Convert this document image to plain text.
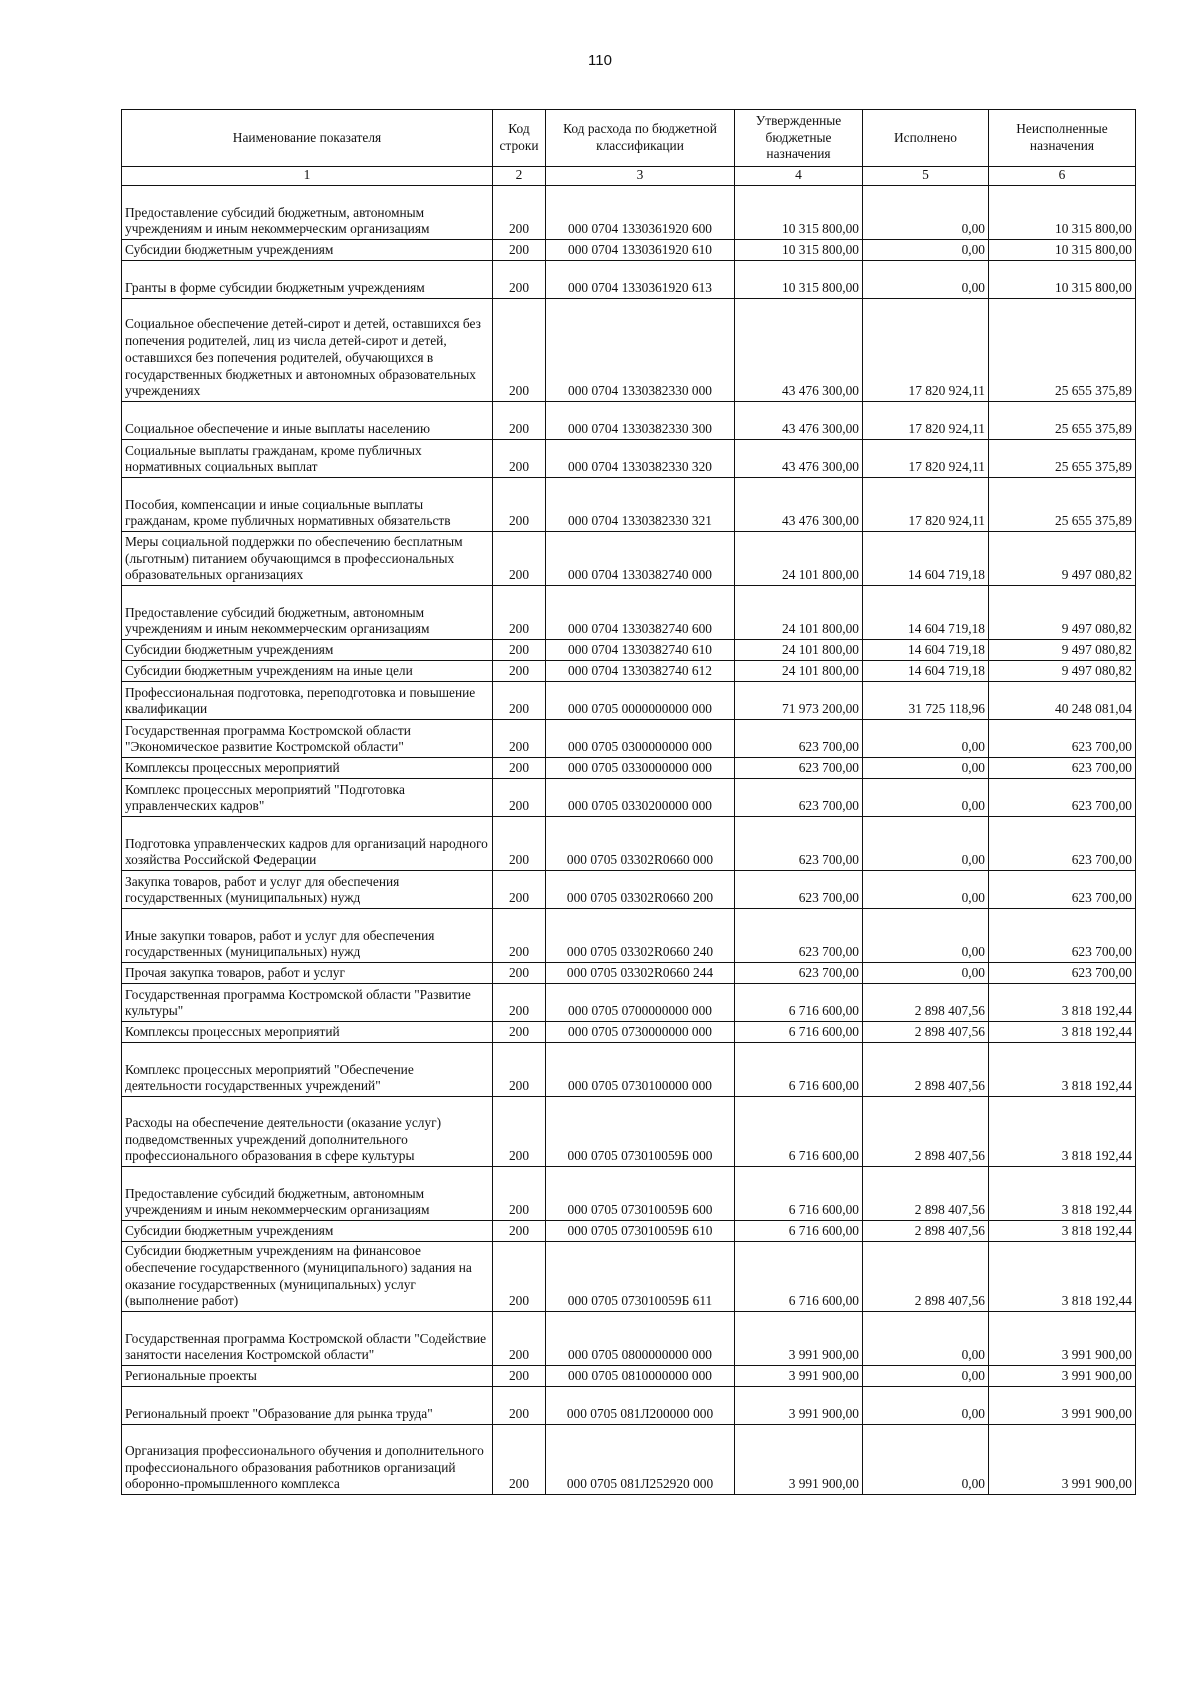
110
Наименование показателя	Код строки	Код расхода по бюджетной классификации	Утвержденные бюджетные назначения	Исполнено	Неисполненные назначения
1	2	3	4	5	6
Предоставление субсидий бюджетным, автономным учреждениям и иным некоммерческим организациям	200	000 0704 1330361920 600	10 315 800,00	0,00	10 315 800,00
Субсидии бюджетным учреждениям	200	000 0704 1330361920 610	10 315 800,00	0,00	10 315 800,00
Гранты в форме субсидии бюджетным учреждениям	200	000 0704 1330361920 613	10 315 800,00	0,00	10 315 800,00
Социальное обеспечение детей-сирот и детей, оставшихся без попечения родителей, лиц из числа детей-сирот и детей, оставшихся без попечения родителей, обучающихся в государственных бюджетных и автономных образовательных учреждениях	200	000 0704 1330382330 000	43 476 300,00	17 820 924,11	25 655 375,89
Социальное обеспечение и иные выплаты населению	200	000 0704 1330382330 300	43 476 300,00	17 820 924,11	25 655 375,89
Социальные выплаты гражданам, кроме публичных нормативных социальных выплат	200	000 0704 1330382330 320	43 476 300,00	17 820 924,11	25 655 375,89
Пособия, компенсации и иные социальные выплаты гражданам, кроме публичных нормативных обязательств	200	000 0704 1330382330 321	43 476 300,00	17 820 924,11	25 655 375,89
Меры социальной поддержки по обеспечению бесплатным (льготным) питанием обучающимся в профессиональных образовательных организациях	200	000 0704 1330382740 000	24 101 800,00	14 604 719,18	9 497 080,82
Предоставление субсидий бюджетным, автономным учреждениям и иным некоммерческим организациям	200	000 0704 1330382740 600	24 101 800,00	14 604 719,18	9 497 080,82
Субсидии бюджетным учреждениям	200	000 0704 1330382740 610	24 101 800,00	14 604 719,18	9 497 080,82
Субсидии бюджетным учреждениям на иные цели	200	000 0704 1330382740 612	24 101 800,00	14 604 719,18	9 497 080,82
Профессиональная подготовка, переподготовка и повышение квалификации	200	000 0705 0000000000 000	71 973 200,00	31 725 118,96	40 248 081,04
Государственная программа Костромской области "Экономическое развитие Костромской области"	200	000 0705 0300000000 000	623 700,00	0,00	623 700,00
Комплексы процессных мероприятий	200	000 0705 0330000000 000	623 700,00	0,00	623 700,00
Комплекс процессных мероприятий "Подготовка управленческих кадров"	200	000 0705 0330200000 000	623 700,00	0,00	623 700,00
Подготовка управленческих кадров для организаций народного хозяйства Российской Федерации	200	000 0705 03302R0660 000	623 700,00	0,00	623 700,00
Закупка товаров, работ и услуг для обеспечения государственных (муниципальных) нужд	200	000 0705 03302R0660 200	623 700,00	0,00	623 700,00
Иные закупки товаров, работ и услуг для обеспечения государственных (муниципальных) нужд	200	000 0705 03302R0660 240	623 700,00	0,00	623 700,00
Прочая закупка товаров, работ и услуг	200	000 0705 03302R0660 244	623 700,00	0,00	623 700,00
Государственная программа Костромской области "Развитие культуры"	200	000 0705 0700000000 000	6 716 600,00	2 898 407,56	3 818 192,44
Комплексы процессных мероприятий	200	000 0705 0730000000 000	6 716 600,00	2 898 407,56	3 818 192,44
Комплекс процессных мероприятий "Обеспечение деятельности государственных учреждений"	200	000 0705 0730100000 000	6 716 600,00	2 898 407,56	3 818 192,44
Расходы на обеспечение деятельности (оказание услуг) подведомственных учреждений дополнительного профессионального образования в сфере культуры	200	000 0705 073010059Б 000	6 716 600,00	2 898 407,56	3 818 192,44
Предоставление субсидий бюджетным, автономным учреждениям и иным некоммерческим организациям	200	000 0705 073010059Б 600	6 716 600,00	2 898 407,56	3 818 192,44
Субсидии бюджетным учреждениям	200	000 0705 073010059Б 610	6 716 600,00	2 898 407,56	3 818 192,44
Субсидии бюджетным учреждениям на финансовое обеспечение государственного (муниципального) задания на оказание государственных (муниципальных) услуг (выполнение работ)	200	000 0705 073010059Б 611	6 716 600,00	2 898 407,56	3 818 192,44
Государственная программа Костромской области "Содействие занятости населения Костромской области"	200	000 0705 0800000000 000	3 991 900,00	0,00	3 991 900,00
Региональные проекты	200	000 0705 0810000000 000	3 991 900,00	0,00	3 991 900,00
Региональный проект "Образование для рынка труда"	200	000 0705 081Л200000 000	3 991 900,00	0,00	3 991 900,00
Организация профессионального обучения и дополнительного профессионального образования работников организаций оборонно-промышленного комплекса	200	000 0705 081Л252920 000	3 991 900,00	0,00	3 991 900,00
